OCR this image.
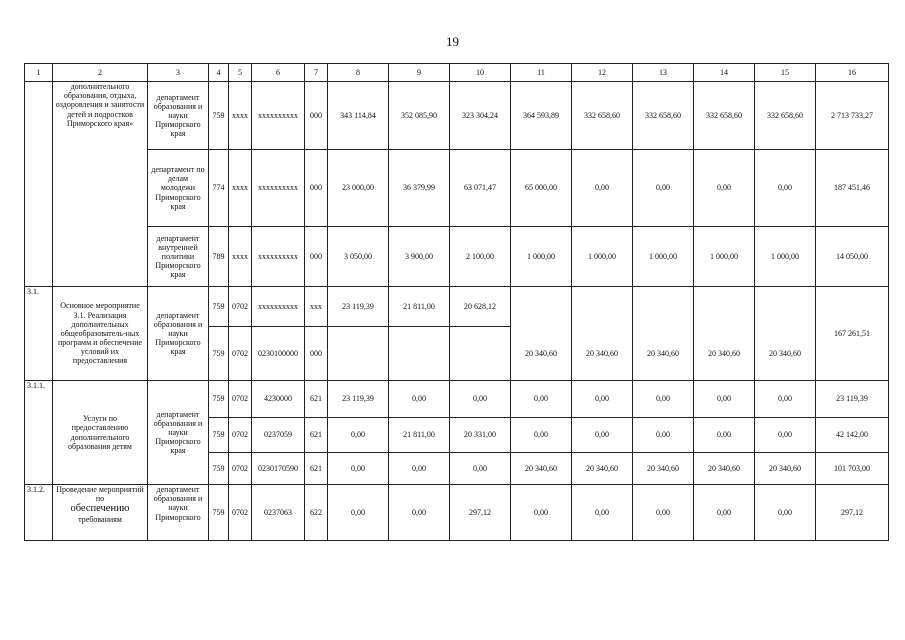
19
1	2	3	4	5	6	7	8	9	10	11	12	13	14	15	16
	дополнительного образования, отдыха, оздоровления и занятости детей и подростков Приморского края»	департамент образования и науки Приморского края	759	хххх	хххххххххх	000	343 114,84	352 085,90	323 304,24	364 593,89	332 658,60	332 658,60	332 658,60	332 658,60	2 713 733,27
		департамент по делам молодежи Приморского края	774	хххх	хххххххххх	000	23 000,00	36 379,99	63 071,47	65 000,00	0,00	0,00	0,00	0,00	187 451,46
		департамент внутренней политики Приморского края	789	хххх	хххххххххх	000	3 050,00	3 900,00	2 100,00	1 000,00	1 000,00	1 000,00	1 000,00	1 000,00	14 050,00
3.1.	Основное мероприятие 3.1. Реализация дополнительных общеобразователь-ных программ и обеспечение условий их предоставления	департамент образования и науки Приморского края	759	0702	хххххххххх	ххх	23 119,39	21 811,00	20 628,12						167 261,51
			759	0702	0230100000	000				20 340,60	20 340,60	20 340,60	20 340,60	20 340,60	
3.1.1.	Услуги по предоставлению дополнительного образования детям	департамент образования и науки Приморского края	759	0702	4230000	621	23 119,39	0,00	0,00	0,00	0,00	0,00	0,00	0,00	23 119,39
			759	0702	0237059	621	0,00	21 811,00	20 331,00	0,00	0,00	0,00	0,00	0,00	42 142,00
			759	0702	0230170590	621	0,00	0,00	0,00	20 340,60	20 340,60	20 340,60	20 340,60	20 340,60	101 703,00
3.1.2.	Проведение мероприятий по
обеспечению
требованиям	департамент образования и науки Приморского	759	0702	0237063	622	0,00	0,00	297,12	0,00	0,00	0,00	0,00	0,00	297,12
